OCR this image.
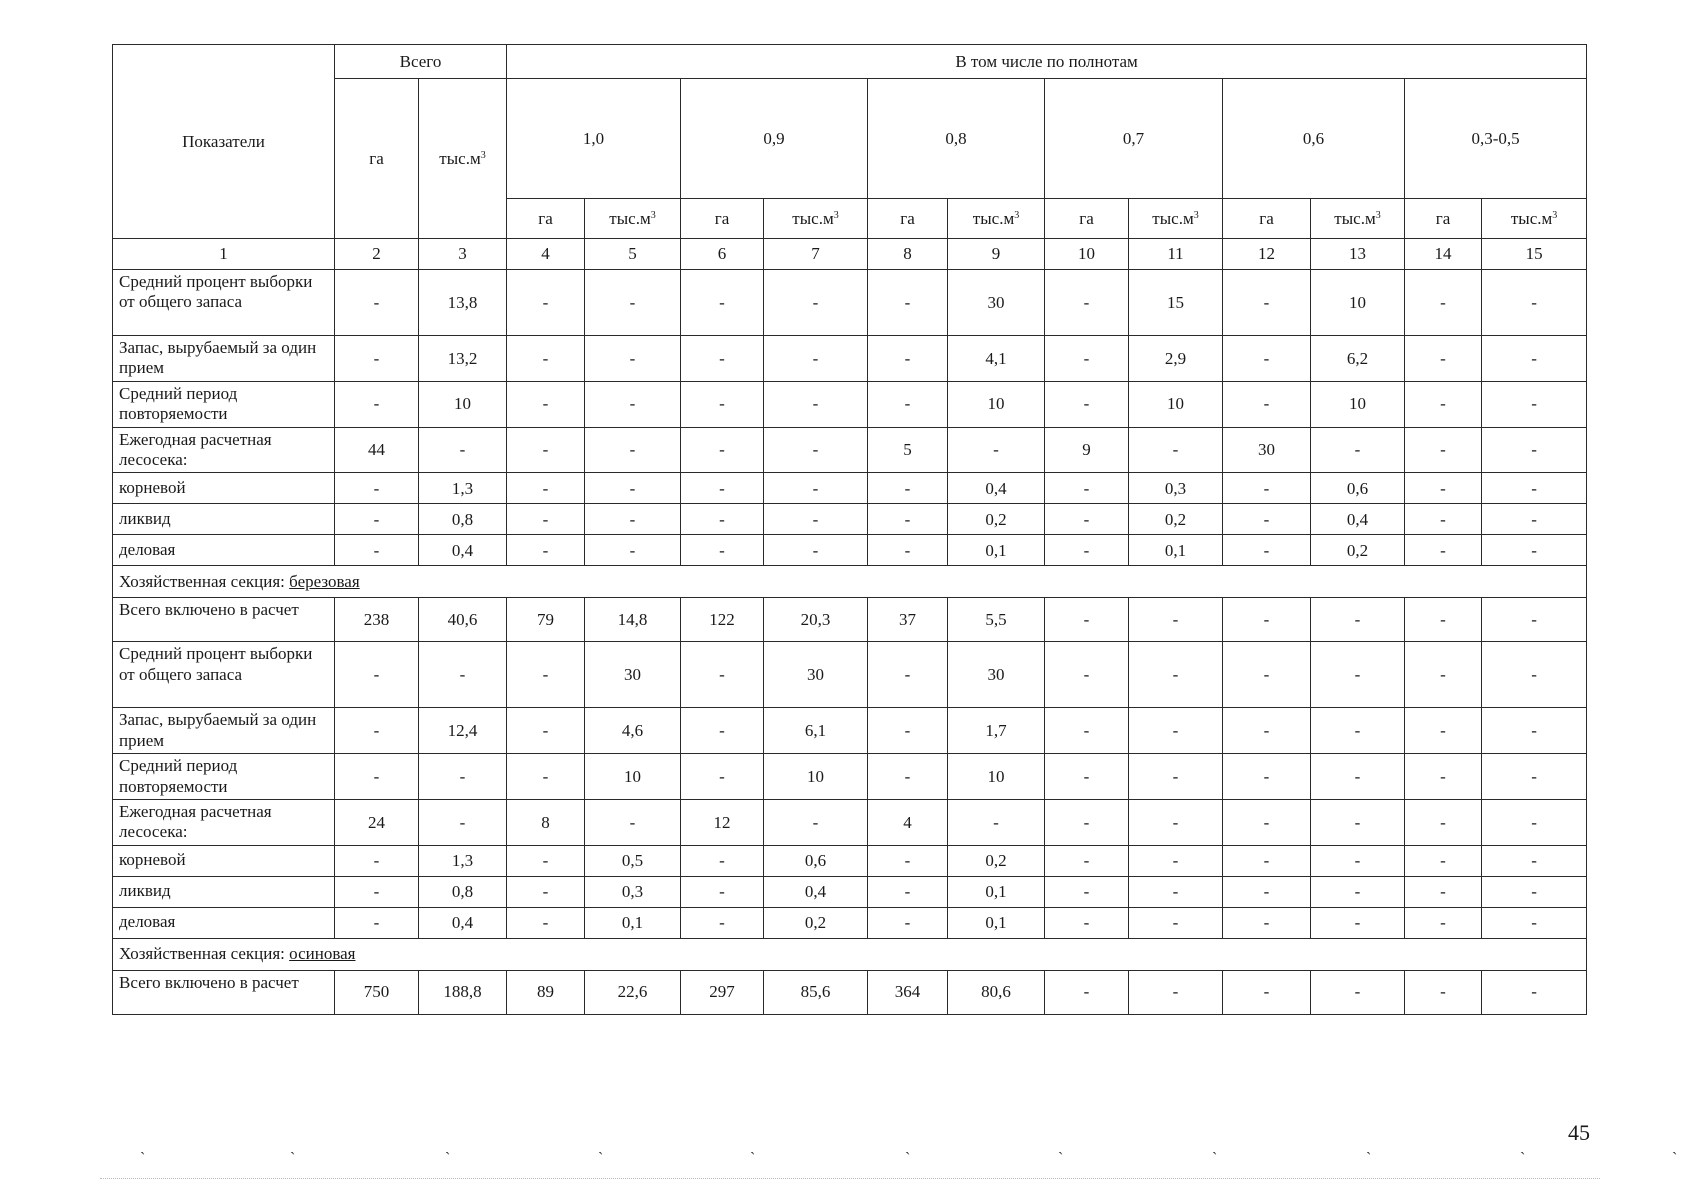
Показатели	Всего		В том числе по полнотам											
	га	$тыс.м^3$	1,0		0,9		0,8		0,7		0,6		0,3-0,5	
			га	$тыс.м^3$	га	$тыс.м^3$	га	$тыс.м^3$	га	$тыс.м^3$	га	$тыс.м^3$	га	$тыс.м^3$
1	2	3	4	5	6	7	8	9	10	11	12	13	14	15
Средний процент выборки от общего запаса	-	13,8	-	-	-	-	-	30	-	15	-	10	-	-
Запас, вырубаемый за один прием	-	13,2	-	-	-	-	-	4,1	-	2,9	-	6,2	-	-
Средний период повторяемости	-	10	-	-	-	-	-	10	-	10	-	10	-	-
Ежегодная расчетная лесосека:	44	-	-	-	-	-	5	-	9	-	30	-	-	-
корневой	-	1,3	-	-	-	-	-	0,4	-	0,3	-	0,6	-	-
ликвид	-	0,8	-	-	-	-	-	0,2	-	0,2	-	0,4	-	-
деловая	-	0,4	-	-	-	-	-	0,1	-	0,1	-	0,2	-	-
Хозяйственная секция: березовая														
Всего включено в расчет	238	40,6	79	14,8	122	20,3	37	5,5	-	-	-	-	-	-
Средний процент выборки от общего запаса	-	-	-	30	-	30	-	30	-	-	-	-	-	-
Запас, вырубаемый за один прием	-	12,4	-	4,6	-	6,1	-	1,7	-	-	-	-	-	-
Средний период повторяемости	-	-	-	10	-	10	-	10	-	-	-	-	-	-
Ежегодная расчетная лесосека:	24	-	8	-	12	-	4	-	-	-	-	-	-	-
корневой	-	1,3	-	0,5	-	0,6	-	0,2	-	-	-	-	-	-
ликвид	-	0,8	-	0,3	-	0,4	-	0,1	-	-	-	-	-	-
деловая	-	0,4	-	0,1	-	0,2	-	0,1	-	-	-	-	-	-
Хозяйственная секция: осиновая														
Всего включено в расчет	750	188,8	89	22,6	297	85,6	364	80,6	-	-	-	-	-	-
45
ˏ	ˏ	ˏ	ˏ	ˏ	ˏ	ˏ	ˏ	ˏ	ˏ	ˏ
